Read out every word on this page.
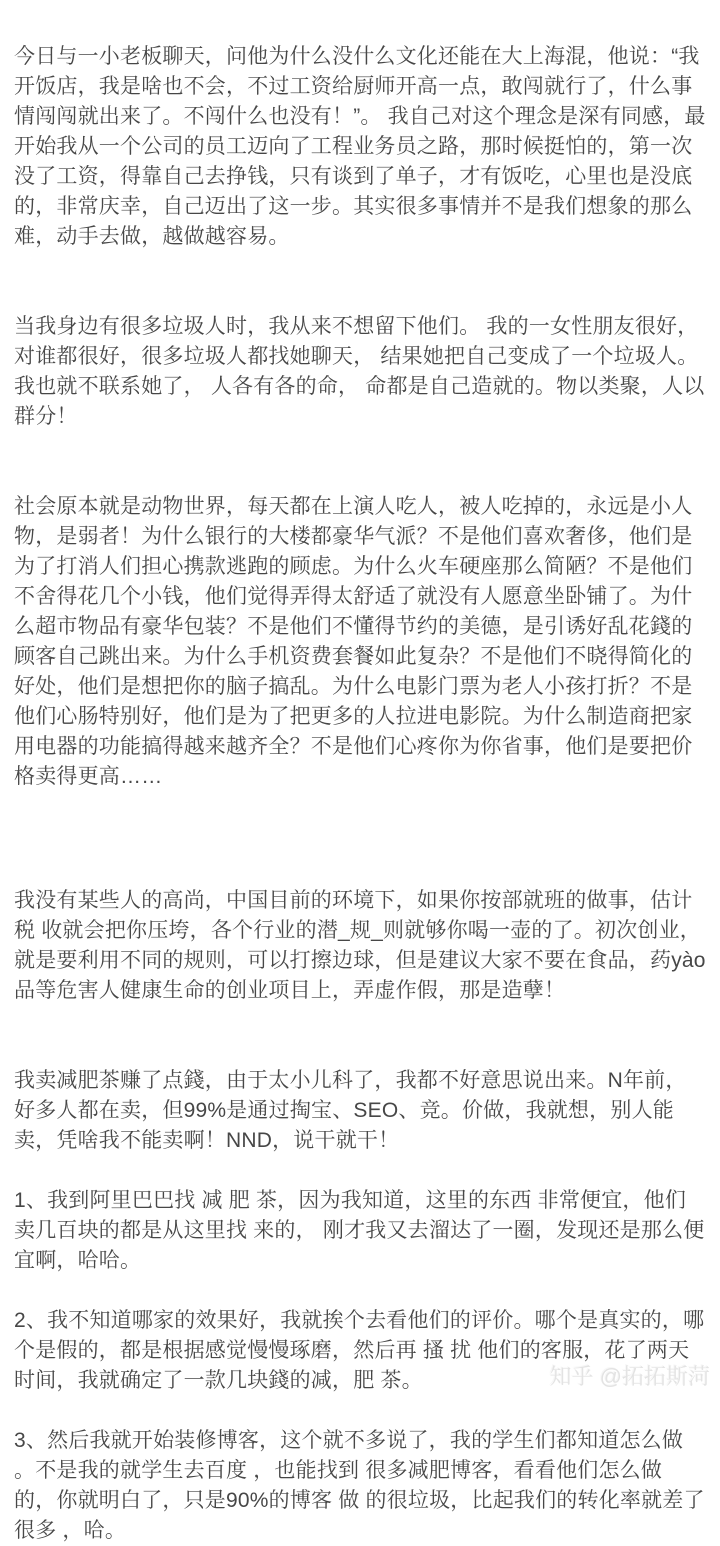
今日与一小老板聊天，问他为什么没什么文化还能在大上海混，他说：“我开饭店，我是啥也不会，不过工资给厨师开高一点，敢闯就行了，什么事情闯闯就出来了。不闯什么也没有！”。 我自己对这个理念是深有同感，最开始我从一个公司的员工迈向了工程业务员之路，那时候挺怕的，第一次没了工资，得靠自己去挣钱，只有谈到了单子，才有饭吃，心里也是没底的，非常庆幸，自己迈出了这一步。其实很多事情并不是我们想象的那么难，动手去做，越做越容易。

当我身边有很多垃圾人时，我从来不想留下他们。 我的一女性朋友很好，对谁都很好，很多垃圾人都找她聊天， 结果她把自己变成了一个垃圾人。 我也就不联系她了， 人各有各的命， 命都是自己造就的。物以类聚，人以群分！

社会原本就是动物世界，每天都在上演人吃人，被人吃掉的，永远是小人物，是弱者！为什么银行的大楼都豪华气派？不是他们喜欢奢侈，他们是为了打消人们担心携款逃跑的顾虑。为什么火车硬座那么简陋？不是他们不舍得花几个小钱，他们觉得弄得太舒适了就没有人愿意坐卧铺了。为什么超市物品有豪华包装？不是他们不懂得节约的美德，是引诱好乱花錢的顾客自己跳出来。为什么手机资费套餐如此复杂？不是他们不晓得简化的好处，他们是想把你的脑子搞乱。为什么电影门票为老人小孩打折？不是他们心肠特别好，他们是为了把更多的人拉进电影院。为什么制造商把家用电器的功能搞得越来越齐全？不是他们心疼你为你省事，他们是要把价格卖得更高……

我没有某些人的高尚，中国目前的环境下，如果你按部就班的做事，估计税 收就会把你压垮，各个行业的潜_规_则就够你喝一壶的了。初次创业，就是要利用不同的规则，可以打擦边球，但是建议大家不要在食品，药yào 品等危害人健康生命的创业项目上，弄虚作假，那是造孽！

我卖减肥茶赚了点錢，由于太小儿科了，我都不好意思说出来。N年前，好多人都在卖，但99%是通过掏宝、SEO、竞。价做，我就想，别人能卖，凭啥我不能卖啊！NND，说干就干！

1、我到阿里巴巴找 减 肥 茶，因为我知道，这里的东西 非常便宜，他们 卖几百块的都是从这里找 来的， 刚才我又去溜达了一圈，发现还是那么便宜啊，哈哈。

2、我不知道哪家的效果好，我就挨个去看他们的评价。哪个是真实的，哪个是假的，都是根据感觉慢慢琢磨，然后再 搔 扰 他们的客服，花了两天时间，我就确定了一款几块錢的减，肥 茶。

3、然后我就开始装修博客，这个就不多说了，我的学生们都知道怎么做 。不是我的就学生去百度 ，也能找到 很多减肥博客，看看他们怎么做 的，你就明白了，只是90%的博客 做 的很垃圾，比起我们的转化率就差了很多 ，哈。

知乎 @拓拓斯菏
